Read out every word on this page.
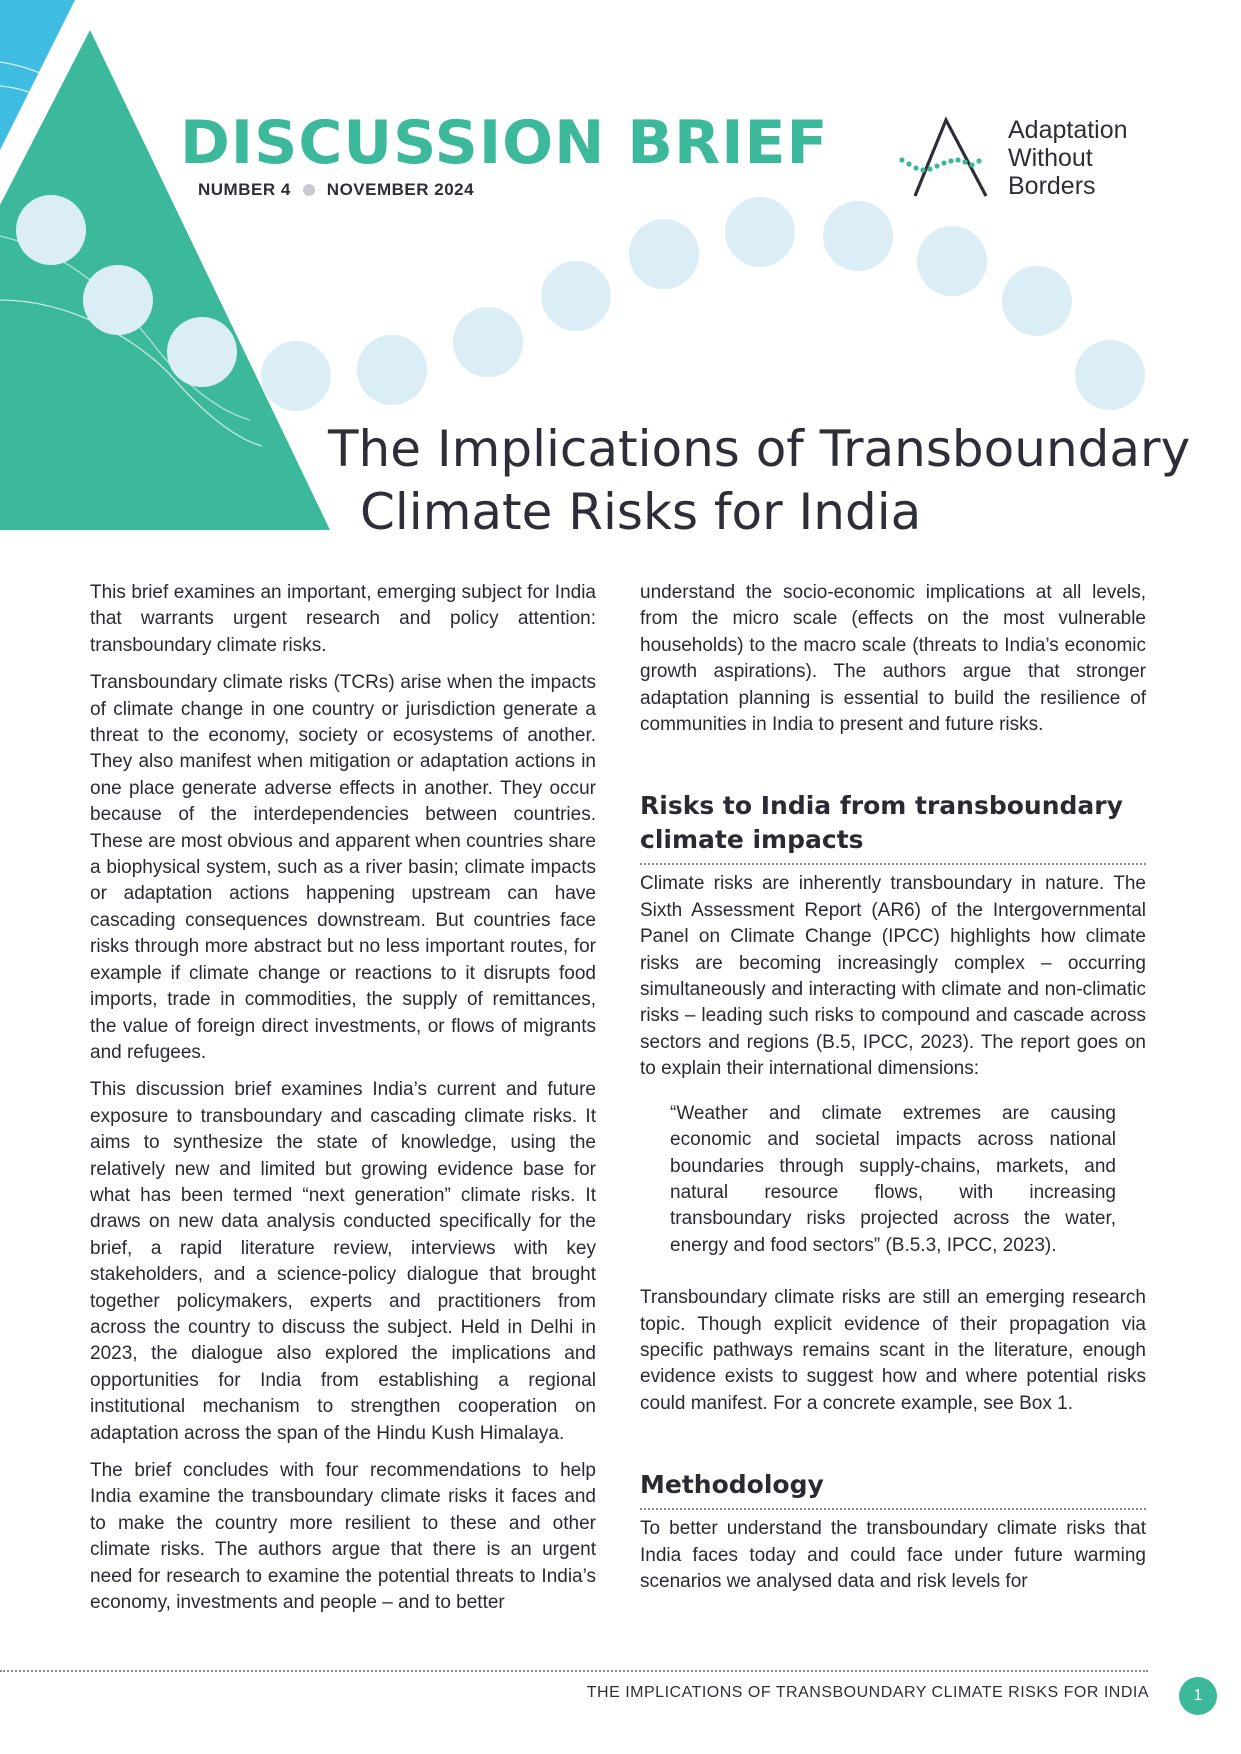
DISCUSSION BRIEF
NUMBER 4 NOVEMBER 2024
Adaptation
Without
Borders
The Implications of Transboundary
Climate Risks for India

This brief examines an important, emerging subject for India that warrants urgent research and policy attention: transboundary climate risks.

Transboundary climate risks (TCRs) arise when the impacts of climate change in one country or jurisdiction generate a threat to the economy, society or ecosystems of another. They also manifest when mitigation or adaptation actions in one place generate adverse effects in another. They occur because of the interdependencies between countries. These are most obvious and apparent when countries share a biophysical system, such as a river basin; climate impacts or adaptation actions happening upstream can have cascading consequences downstream. But countries face risks through more abstract but no less important routes, for example if climate change or reactions to it disrupts food imports, trade in commodities, the supply of remittances, the value of foreign direct investments, or flows of migrants and refugees.

This discussion brief examines India’s current and future exposure to transboundary and cascading climate risks. It aims to synthesize the state of knowledge, using the relatively new and limited but growing evidence base for what has been termed “next generation” climate risks. It draws on new data analysis conducted specifically for the brief, a rapid literature review, interviews with key stakeholders, and a science-policy dialogue that brought together policymakers, experts and practitioners from across the country to discuss the subject. Held in Delhi in 2023, the dialogue also explored the implications and opportunities for India from establishing a regional institutional mechanism to strengthen cooperation on adaptation across the span of the Hindu Kush Himalaya.

The brief concludes with four recommendations to help India examine the transboundary climate risks it faces and to make the country more resilient to these and other climate risks. The authors argue that there is an urgent need for research to examine the potential threats to India’s economy, investments and people – and to better

understand the socio-economic implications at all levels, from the micro scale (effects on the most vulnerable households) to the macro scale (threats to India’s economic growth aspirations). The authors argue that stronger adaptation planning is essential to build the resilience of communities in India to present and future risks.

Risks to India from transboundary climate impacts

Climate risks are inherently transboundary in nature. The Sixth Assessment Report (AR6) of the Intergovernmental Panel on Climate Change (IPCC) highlights how climate risks are becoming increasingly complex – occurring simultaneously and interacting with climate and non-climatic risks – leading such risks to compound and cascade across sectors and regions (B.5, IPCC, 2023). The report goes on to explain their international dimensions:

“Weather and climate extremes are causing economic and societal impacts across national boundaries through supply-chains, markets, and natural resource flows, with increasing transboundary risks projected across the water, energy and food sectors” (B.5.3, IPCC, 2023).

Transboundary climate risks are still an emerging research topic. Though explicit evidence of their propagation via specific pathways remains scant in the literature, enough evidence exists to suggest how and where potential risks could manifest. For a concrete example, see Box 1.

Methodology

To better understand the transboundary climate risks that India faces today and could face under future warming scenarios we analysed data and risk levels for

THE IMPLICATIONS OF TRANSBOUNDARY CLIMATE RISKS FOR INDIA	1
